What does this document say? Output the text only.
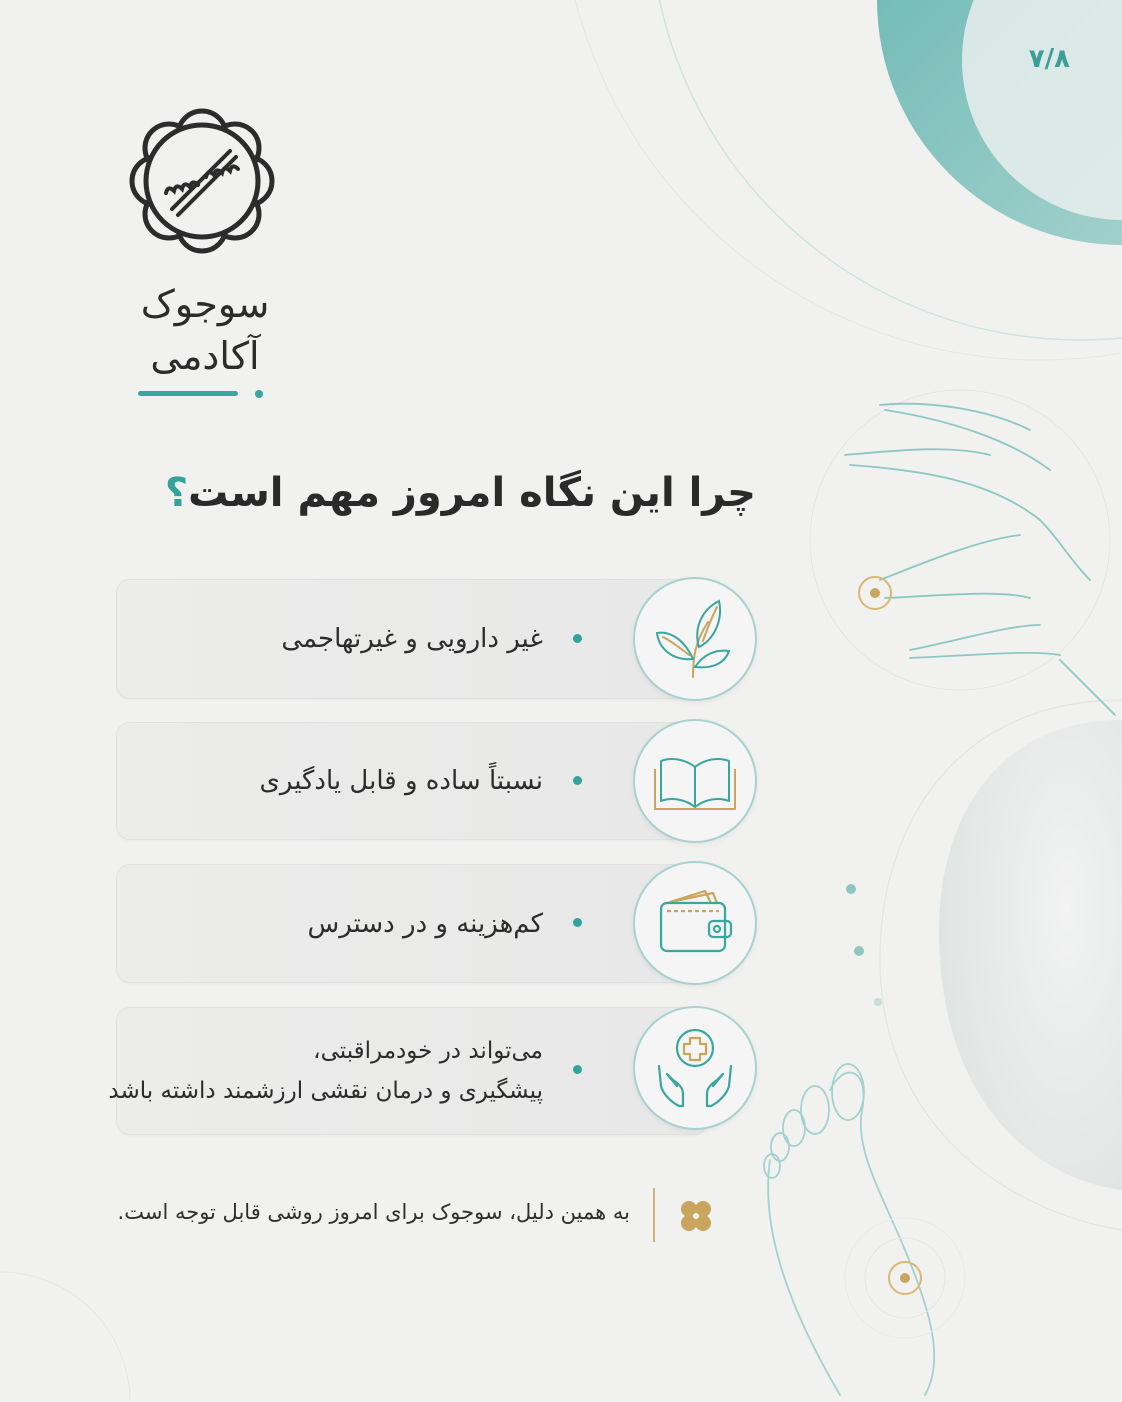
۷/۸
سوجوک
آکادمی
چرا این نگاه امروز مهم است؟
غیر دارویی و غیرتهاجمی
نسبتاً ساده و قابل یادگیری
کم‌هزینه و در دسترس
می‌تواند در خودمراقبتی،
پیشگیری و درمان نقشی ارزشمند داشته باشد
به همین دلیل، سوجوک برای امروز روشی قابل توجه است.
